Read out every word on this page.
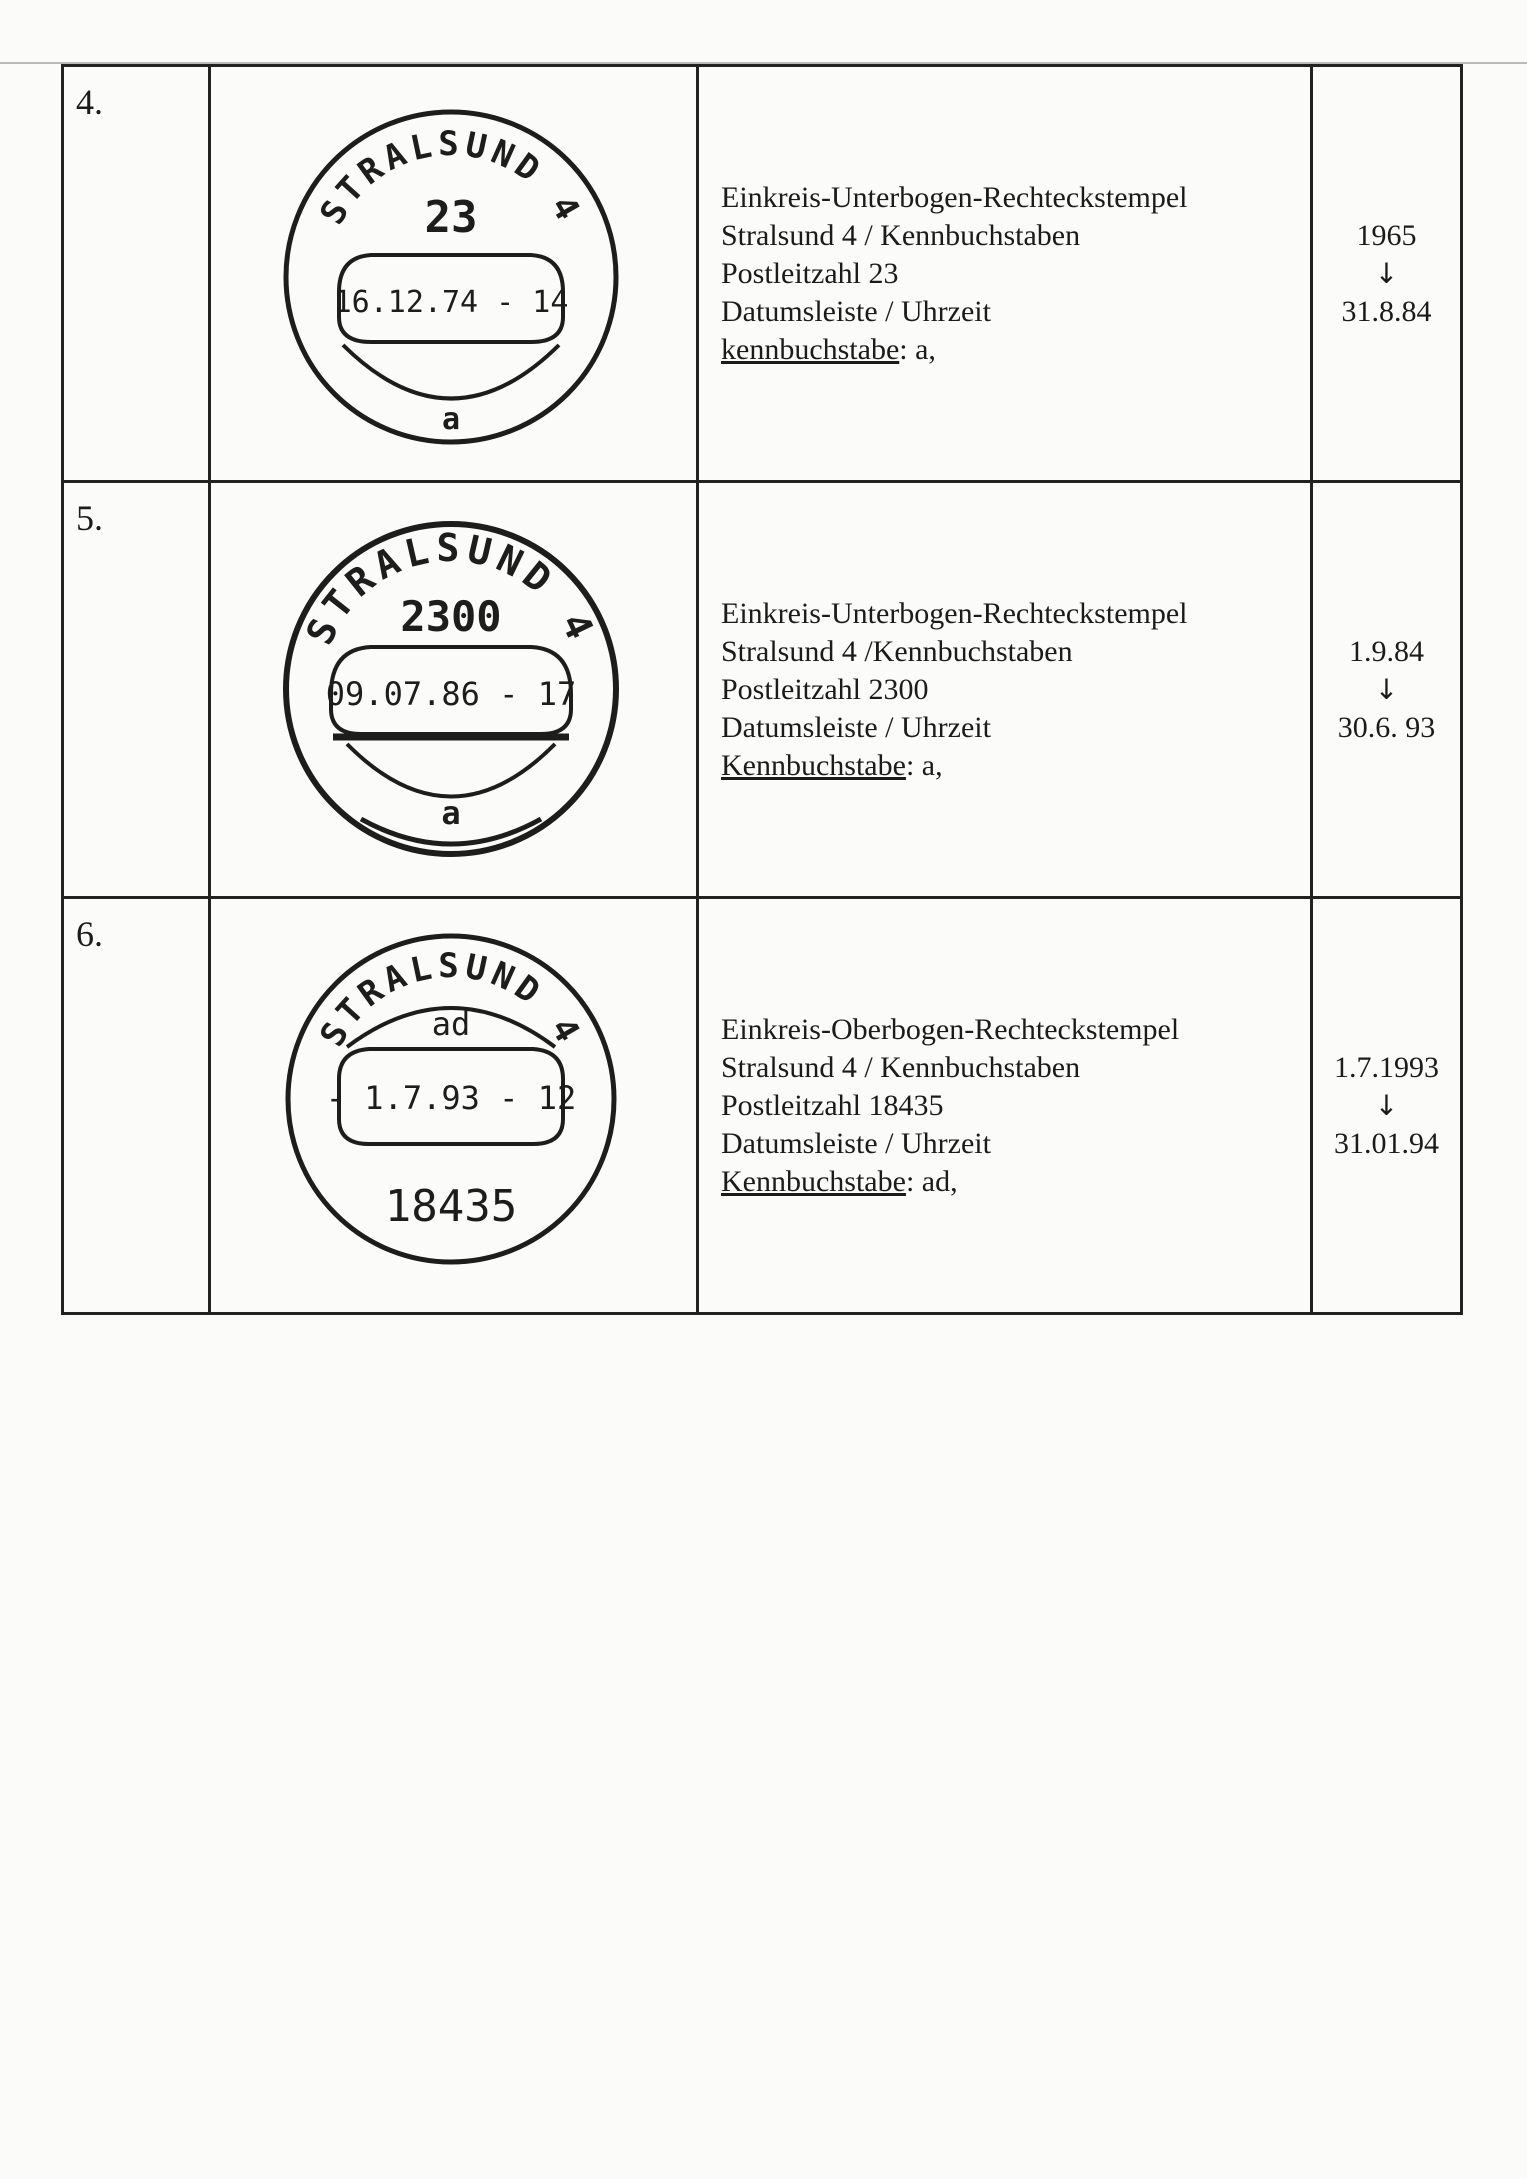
4.	STRALSUND 4
23
16.12.74 - 14
a	Einkreis-Unterbogen-Rechteckstempel
Stralsund 4 / Kennbuchstaben
Postleitzahl 23
Datumsleiste / Uhrzeit
kennbuchstabe: a,	1965
↓
31.8.84

5.	STRALSUND 4
2300
09.07.86 - 17
a	Einkreis-Unterbogen-Rechteckstempel
Stralsund 4 /Kennbuchstaben
Postleitzahl 2300
Datumsleiste / Uhrzeit
Kennbuchstabe: a,	1.9.84
↓
30.6. 93

6.	STRALSUND 4
ad
- 1.7.93 - 12
18435	Einkreis-Oberbogen-Rechteckstempel
Stralsund 4 / Kennbuchstaben
Postleitzahl 18435
Datumsleiste / Uhrzeit
Kennbuchstabe: ad,	1.7.1993
↓
31.01.94
